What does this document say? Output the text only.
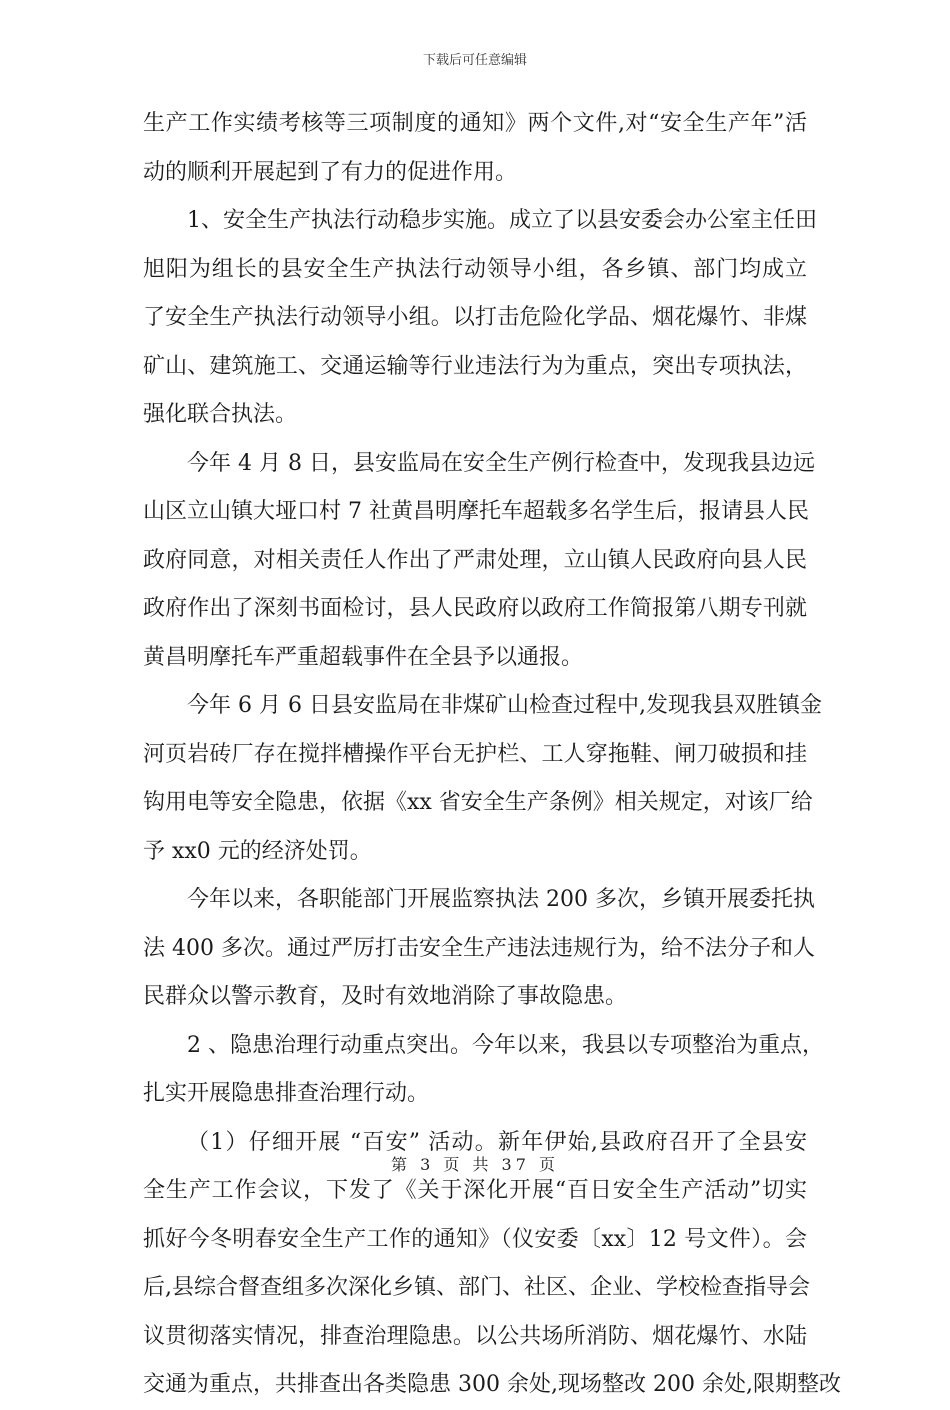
下载后可任意编辑
生产工作实绩考核等三项制度的通知》两个文件,对“安全生产年”活
动的顺利开展起到了有力的促进作用。
1、安全生产执法行动稳步实施。成立了以县安委会办公室主任田
旭阳为组长的县安全生产执法行动领导小组，各乡镇、部门均成立
了安全生产执法行动领导小组。以打击危险化学品、烟花爆竹、非煤
矿山、建筑施工、交通运输等行业违法行为为重点，突出专项执法，
强化联合执法。
今年 4 月 8 日，县安监局在安全生产例行检查中，发现我县边远
山区立山镇大垭口村 7 社黄昌明摩托车超载多名学生后，报请县人民
政府同意，对相关责任人作出了严肃处理，立山镇人民政府向县人民
政府作出了深刻书面检讨，县人民政府以政府工作简报第八期专刊就
黄昌明摩托车严重超载事件在全县予以通报。
今年 6 月 6 日县安监局在非煤矿山检查过程中,发现我县双胜镇金
河页岩砖厂存在搅拌槽操作平台无护栏、工人穿拖鞋、闸刀破损和挂
钩用电等安全隐患，依据《xx 省安全生产条例》相关规定，对该厂给
予 xx0 元的经济处罚。
今年以来，各职能部门开展监察执法 200 多次，乡镇开展委托执
法 400 多次。通过严厉打击安全生产违法违规行为，给不法分子和人
民群众以警示教育，及时有效地消除了事故隐患。
2 、隐患治理行动重点突出。今年以来，我县以专项整治为重点，
扎实开展隐患排查治理行动。
（1）仔细开展 “百安” 活动。新年伊始,县政府召开了全县安
全生产工作会议，下发了《关于深化开展“百日安全生产活动”切实
抓好今冬明春安全生产工作的通知》（仪安委〔xx〕12 号文件）。会
后,县综合督查组多次深化乡镇、部门、社区、企业、学校检查指导会
议贯彻落实情况，排查治理隐患。以公共场所消防、烟花爆竹、水陆
交通为重点，共排查出各类隐患 300 余处,现场整改 200 余处,限期整改
第 3 页 共 37 页
